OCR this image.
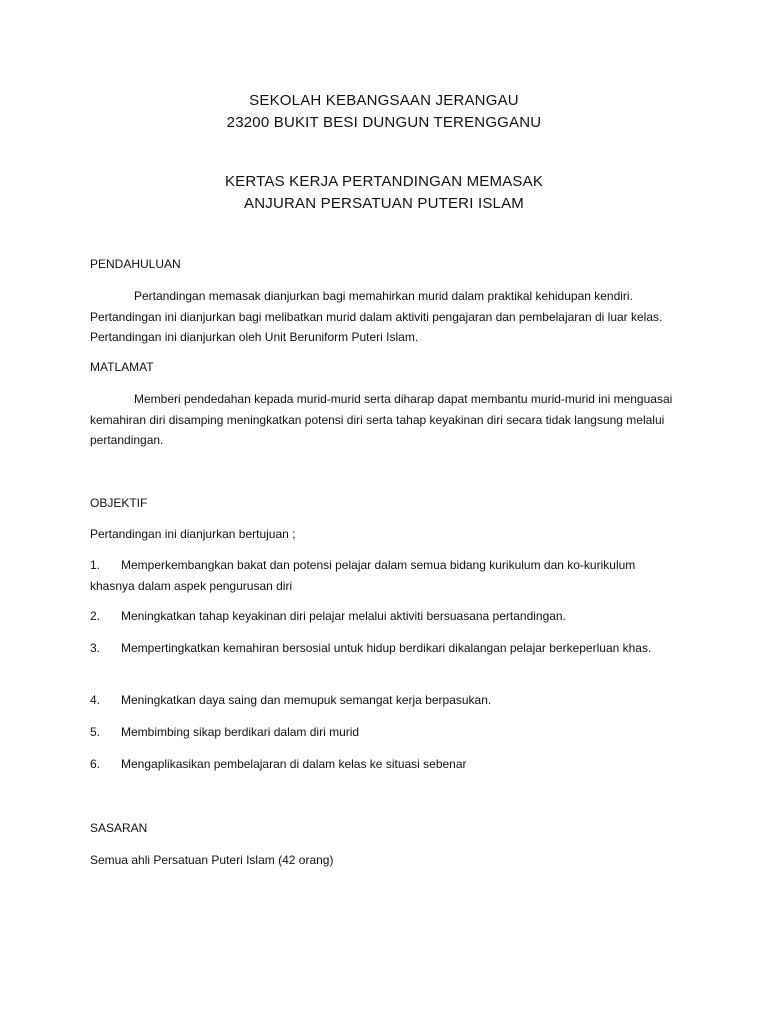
SEKOLAH KEBANGSAAN JERANGAU
23200 BUKIT BESI DUNGUN TERENGGANU
KERTAS KERJA PERTANDINGAN MEMASAK
ANJURAN PERSATUAN PUTERI ISLAM
PENDAHULUAN
Pertandingan memasak dianjurkan bagi memahirkan murid dalam praktikal kehidupan kendiri. Pertandingan ini dianjurkan bagi melibatkan murid dalam aktiviti pengajaran dan pembelajaran di luar kelas. Pertandingan ini dianjurkan oleh Unit Beruniform Puteri Islam.
MATLAMAT
Memberi pendedahan kepada murid-murid serta diharap dapat membantu murid-murid ini menguasai kemahiran diri disamping meningkatkan potensi diri serta tahap keyakinan diri secara tidak langsung melalui pertandingan.
OBJEKTIF
Pertandingan ini dianjurkan bertujuan ;
1. Memperkembangkan bakat dan potensi pelajar dalam semua bidang kurikulum dan ko-kurikulum khasnya dalam aspek pengurusan diri
2. Meningkatkan tahap keyakinan diri pelajar melalui aktiviti bersuasana pertandingan.
3. Mempertingkatkan kemahiran bersosial untuk hidup berdikari dikalangan pelajar berkeperluan khas.
4. Meningkatkan daya saing dan memupuk semangat kerja berpasukan.
5. Membimbing sikap berdikari dalam diri murid
6. Mengaplikasikan pembelajaran di dalam kelas ke situasi sebenar
SASARAN
Semua ahli Persatuan Puteri Islam (42 orang)
